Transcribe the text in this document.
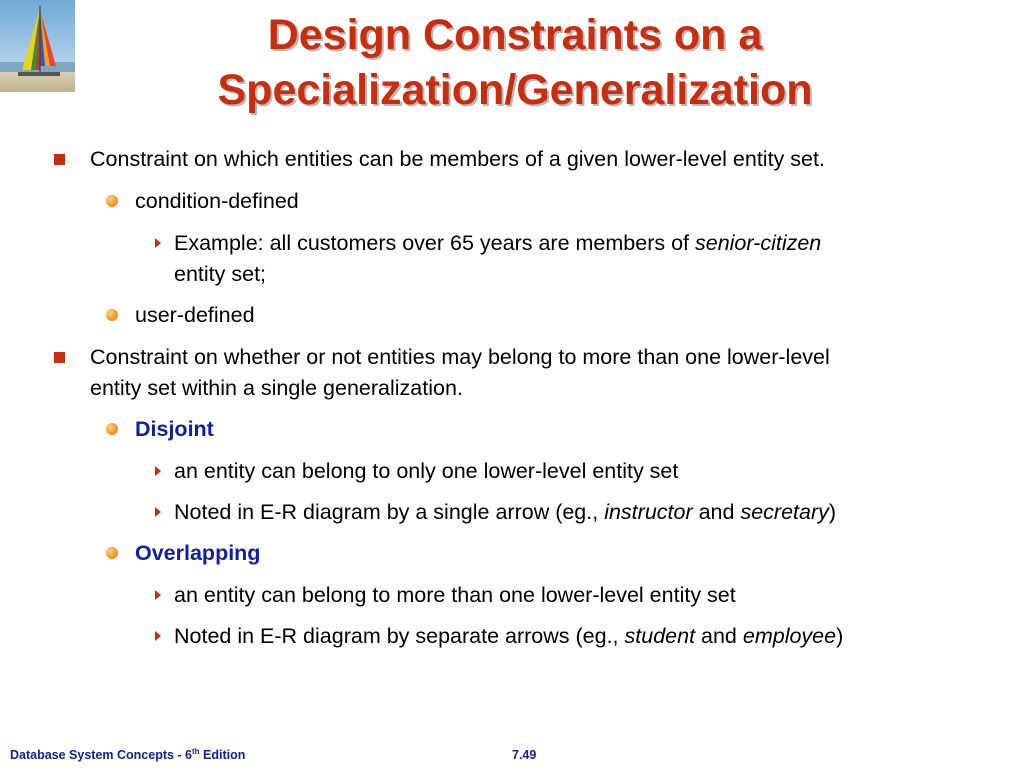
Design Constraints on a
Specialization/Generalization
Constraint on which entities can be members of a given lower-level entity set.
condition-defined
Example: all customers over 65 years are members of senior-citizen
entity set;
user-defined
Constraint on whether or not entities may belong to more than one lower-level
entity set within a single generalization.
Disjoint
an entity can belong to only one lower-level entity set
Noted in E-R diagram by a single arrow (eg., instructor and secretary)
Overlapping
an entity can belong to more than one lower-level entity set
Noted in E-R diagram by separate arrows (eg., student and employee)
Database System Concepts - 6th Edition	7.49
